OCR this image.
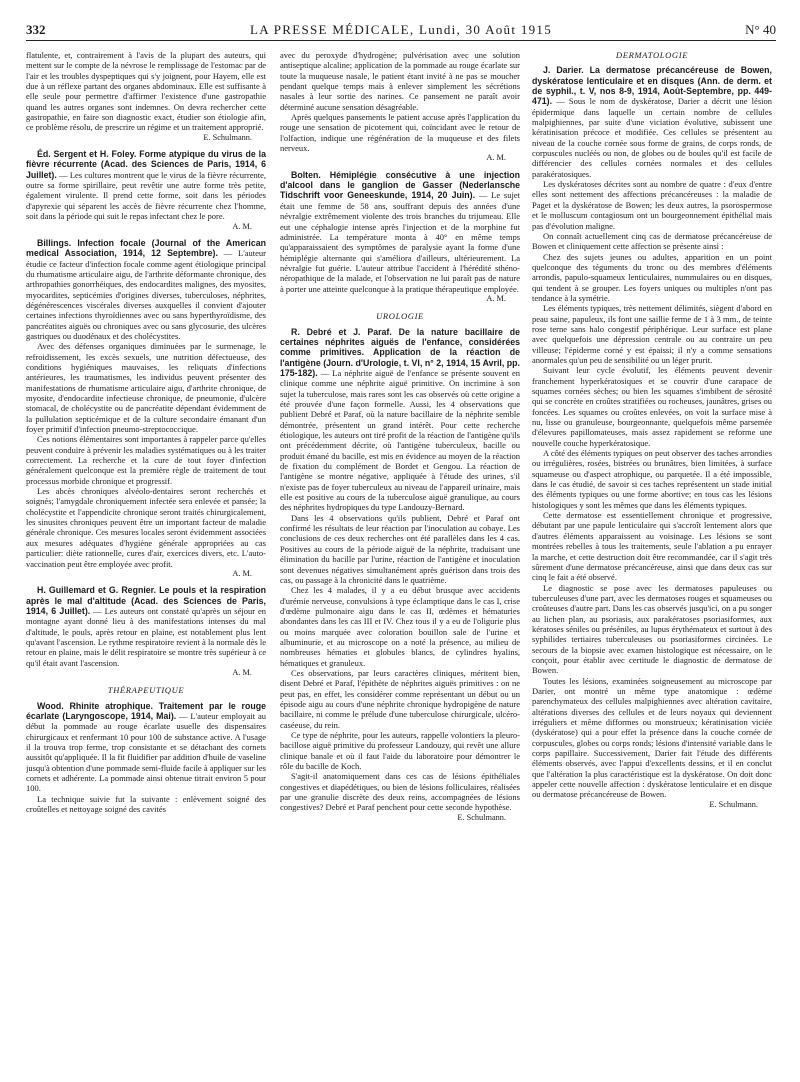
332	LA PRESSE MÉDICALE, Lundi, 30 Août 1915	N° 40

flatulente, et, contrairement à l'avis de la plupart des auteurs, qui mettent sur le compte de la névrose le remplissage de l'estomac par de l'air et les troubles dyspeptiques qui s'y joignent, pour Hayem, elle est due à un réflexe partant des organes abdominaux. Elle est suffisante à elle seule pour permettre d'affirmer l'existence d'une gastropathie quand les autres organes sont indemnes. On devra rechercher cette gastropathie, en faire son diagnostic exact, étudier son étiologie afin, ce problème résolu, de prescrire un régime et un traitement approprié.

E. Schulmann.

Éd. Sergent et H. Foley. Forme atypique du virus de la fièvre récurrente (Acad. des Sciences de Paris, 1914, 6 Juillet). — Les cultures montrent que le virus de la fièvre récurrente, outre sa forme spirillaire, peut revêtir une autre forme très petite, également virulente. Il prend cette forme, soit dans les périodes d'apyrexie qui séparent les accès de fièvre récurrente chez l'homme, soit dans la période qui suit le repas infectant chez le pore.

A. M.

Billings. Infection focale (Journal of the American medical Association, 1914, 12 Septembre). — L'auteur étudie ce facteur d'infection focale comme agent étiologique principal du rhumatisme articulaire aigu, de l'arthrite déformante chronique, des arthropathies gonorrhéiques, des endocardites malignes, des myosites, myocardites, septicémies d'origines diverses, tuberculoses, néphrites, dégénérescences viscérales diverses auxquelles il convient d'ajouter certaines infections thyroïdiennes avec ou sans hyperthyroïdisme, des pancréatites aiguës ou chroniques avec ou sans glycosurie, des ulcères gastriques ou duodénaux et des cholécystites.

Avec des défenses organiques diminuées par le surmenage, le refroidissement, les excès sexuels, une nutrition défectueuse, des conditions hygiéniques mauvaises, les reliquats d'infections antérieures, les traumatismes, les individus peuvent présenter des manifestations de rhumatisme articulaire aigu, d'arthrite chronique, de myosite, d'endocardite infectieuse chronique, de pneumonie, d'ulcère stomacal, de cholécystite ou de pancréatite dépendant évidemment de la pullulation septicémique et de la culture secondaire émanant d'un foyer primitif d'infection pneumo-streptococcique.

Ces notions élémentaires sont importantes à rappeler parce qu'elles peuvent conduire à prévenir les maladies systématiques ou à les traiter correctement. La recherche et la cure de tout foyer d'infection généralement quelconque est la première règle de traitement de tout processus morbide chronique et progressif.

Les abcès chroniques alvéolo-dentaires seront recherchés et soignés; l'amygdale chroniquement infectée sera enlevée et pansée; la cholécystite et l'appendicite chronique seront traités chirurgicalement, les sinusites chroniques peuvent être un important facteur de maladie générale chronique. Ces mesures locales seront évidemment associées aux mesures adéquates d'hygiène générale appropriées au cas particulier: diète rationnelle, cures d'air, exercices divers, etc. L'auto-vaccination peut être employée avec profit.

A. M.

H. Guillemard et G. Regnier. Le pouls et la respiration après le mal d'altitude (Acad. des Sciences de Paris, 1914, 6 Juillet). — Les auteurs ont constaté qu'après un séjour en montagne ayant donné lieu à des manifestations intenses du mal d'altitude, le pouls, après retour en plaine, est notablement plus lent qu'avant l'ascension. Le rythme respiratoire revient à la normale dès le retour en plaine, mais le délit respiratoire se montre très supérieur à ce qu'il était avant l'ascension.

A. M.

THÉRAPEUTIQUE

Wood. Rhinite atrophique. Traitement par le rouge écarlate (Laryngoscope, 1914, Mai). — L'auteur employait au début la pommade au rouge écarlate usuelle des dispensaires chirurgicaux et renfermant 10 pour 100 de substance active. A l'usage il la trouva trop ferme, trop consistante et se détachant des cornets aussitôt qu'appliquée. Il la fit fluidifier par addition d'huile de vaseline jusqu'à obtention d'une pommade semi-fluide facile à appliquer sur les cornets et adhérente. La pommade ainsi obtenue titrait environ 5 pour 100.

La technique suivie fut la suivante : enlèvement soigné des croûtelles et nettoyage soigné des cavités

avec du peroxyde d'hydrogène; pulvérisation avec une solution antiseptique alcaline; application de la pommade au rouge écarlate sur toute la muqueuse nasale, le patient étant invité à ne pas se moucher pendant quelque temps mais à enlever simplement les sécrétions nasales à leur sortie des narines. Ce pansement ne paraît avoir déterminé aucune sensation désagréable.

Après quelques pansements le patient accuse après l'application du rouge une sensation de picotement qui, coïncidant avec le retour de l'olfaction, indique une régénération de la muqueuse et des filets nerveux.

A. M.

Bolten. Hémiplégie consécutive à une injection d'alcool dans le ganglion de Gasser (Nederlansche Tidschrift voor Geneeskunde, 1914, 20 Juin). — Le sujet était une femme de 58 ans, souffrant depuis des années d'une névralgie extrêmement violente des trois branches du trijumeau. Elle eut une céphalogie intense après l'injection et de la morphine fut administrée. La température monta à 40° en même temps qu'apparaissaient des symptômes de paralysie ayant la forme d'une hémiplégie alternante qui s'améliora d'ailleurs, ultérieurement. La névralgie fut guérie. L'auteur attribue l'accident à l'hérédité sthéno-néropathique de la malade, et l'observation ne lui paraît pas de nature à porter une atteinte quelconque à la pratique thérapeutique employée.

A. M.

UROLOGIE

R. Debré et J. Paraf. De la nature bacillaire de certaines néphrites aiguës de l'enfance, considérées comme primitives. Application de la réaction de l'antigène (Journ. d'Urologie, t. VI, n° 2, 1914, 15 Avril, pp. 175-182). — La néphrite aiguë de l'enfance se présente souvent en clinique comme une néphrite aiguë primitive. On incrimine à son sujet la tuberculose, mais rares sont les cas observés où cette origine a été prouvée d'une façon formelle. Aussi, les 4 observations que publient Debré et Paraf, où la nature bacillaire de la néphrite semble démontrée, présentent un grand intérêt. Pour cette recherche étiologique, les auteurs ont tiré profit de la réaction de l'antigène qu'ils ont précédemment décrite, où l'antigène tuberculeux, bacille ou produit émané du bacille, est mis en évidence au moyen de la réaction de fixation du complément de Bordet et Gengou. La réaction de l'antigène se montre négative, appliquée à l'étude des urines, s'il n'existe pas de foyer tuberculeux au niveau de l'appareil urinaire, mais elle est positive au cours de la tuberculose aiguë granulique, au cours des néphrites hydropiques du type Landouzy-Bernard.

Dans les 4 observations qu'ils publient, Debré et Paraf ont confirmé les résultats de leur réaction par l'inoculation au cobaye. Les conclusions de ces deux recherches ont été parallèles dans les 4 cas. Positives au cours de la période aiguë de la néphrite, traduisant une élimination du bacille par l'urine, réaction de l'antigène et inoculation sont devenues négatives simultanément après guérison dans trois des cas, ou passage à la chronicité dans le quatrième.

Chez les 4 malades, il y a eu début brusque avec accidents d'urémie nerveuse, convulsions à type éclamptique dans le cas I, crise d'œdème pulmonaire aigu dans le cas II, œdèmes et hématuries abondantes dans les cas III et IV. Chez tous il y a eu de l'oligurie plus ou moins marquée avec coloration bouillon sale de l'urine et albuminurie, et au microscope on a noté la présence, au milieu de nombreuses hématies et globules blancs, de cylindres hyalins, hématiques et granuleux.

Ces observations, par leurs caractères cliniques, méritent bien, disent Debré et Paraf, l'épithète de néphrites aiguës primitives : on ne peut pas, en effet, les considérer comme représentant un début ou un épisode aigu au cours d'une néphrite chronique hydropigène de nature bacillaire, ni comme le prélude d'une tuberculose chirurgicale, ulcéro-caséeuse, du rein.

Ce type de néphrite, pour les auteurs, rappelle volontiers la pleuro-bacillose aiguë primitive du professeur Landouzy, qui revêt une allure clinique banale et où il faut l'aide du laboratoire pour démontrer le rôle du bacille de Koch.

S'agit-il anatomiquement dans ces cas de lésions épithéliales congestives et diapédétiques, ou bien de lésions folliculaires, réalisées par une granulie discrète des deux reins, accompagnées de lésions congestives? Debré et Paraf penchent pour cette seconde hypothèse.

E. Schulmann.

DERMATOLOGIE

J. Darier. La dermatose précancéreuse de Bowen, dyskératose lenticulaire et en disques (Ann. de derm. et de syphil., t. V, nos 8-9, 1914, Août-Septembre, pp. 449-471). — Sous le nom de dyskératose, Darier a décrit une lésion épidermique dans laquelle un certain nombre de cellules malpighiennes, par suite d'une viciation évolutive, subissent une kératinisation précoce et modifiée. Ces cellules se présentent au niveau de la couche cornée sous forme de grains, de corps ronds, de corpuscules nucléés ou non, de globes ou de boules qu'il est facile de différencier des cellules cornées normales et des cellules parakératosiques.

Les dyskératoses décrites sont au nombre de quatre : d'eux d'entre elles sont nettement des affections précancéreuses : la maladie de Paget et la dyskératose de Bowen; les deux autres, la psorospermose et le molluscum contagiosum ont un bourgeonnement épithélial mais pas d'évolution maligne.

On connaît actuellement cinq cas de dermatose précancéreuse de Bowen et cliniquement cette affection se présente ainsi :

Chez des sujets jeunes ou adultes, apparition en un point quelconque des téguments du tronc ou des membres d'éléments arrondis, papulo-squameux lenticulaires, nummulaires ou en disques, qui tendent à se grouper. Les foyers uniques ou multiples n'ont pas tendance à la symétrie.

Les éléments typiques, très nettement délimités, siègent d'abord en peau saine, papuleux, ils font une saillie ferme de 1 à 3 mm., de teinte rose terne sans halo congestif périphérique. Leur surface est plane avec quelquefois une dépression centrale ou au contraire un peu villeuse; l'épiderme corné y est épaissi; il n'y a comme sensations anormales qu'un peu de sensibilité ou un léger prurit.

Suivant leur cycle évolutif, les éléments peuvent devenir franchement hyperkératosiques et se couvrir d'une carapace de squames cornées sèches; ou bien les squames s'imbibent de sérosité qui se concrète en croûtes stratifiées ou rocheuses, jaunâtres, grises ou foncées. Les squames ou croûtes enlevées, on voit la surface mise à nu, lisse ou granuleuse, bourgeonnante, quelquefois même parsemée d'élevures papillomateuses, mais assez rapidement se reforme une nouvelle couche hyperkératosique.

A côté des éléments typiques on peut observer des taches arrondies ou irrégulières, rosées, bistrées ou brunâtres, bien limitées, à surface squameuse ou d'aspect atrophique, ou parquetée. Il a été impossible, dans le cas étudié, de savoir si ces taches représentent un stade initial des éléments typiques ou une forme abortive; en tous cas les lésions histologiques y sont les mêmes que dans les éléments typiques.

Cette dermatose est essentiellement chronique et progressive, débutant par une papule lenticulaire qui s'accroît lentement alors que d'autres éléments apparaissent au voisinage. Les lésions se sont montrées rebelles à tous les traitements, seule l'ablation a pu enrayer la marche, et cette destruction doit être recommandée, car il s'agit très sûrement d'une dermatose précancéreuse, ainsi que dans deux cas sur cinq le fait a été observé.

Le diagnostic se pose avec les dermatoses papuleuses ou tuberculeuses d'une part, avec les dermatoses rouges et squameuses ou croûteuses d'autre part. Dans les cas observés jusqu'ici, on a pu songer au lichen plan, au psoriasis, aux parakératoses psoriasiformes, aux kératoses séniles ou préséniles, au lupus érythémateux et surtout à des syphilides tertiaires tuberculeuses ou psoriasiformes circinées. Le secours de la biopsie avec examen histologique est nécessaire, on le conçoit, pour établir avec certitude le diagnostic de dermatose de Bowen.

Toutes les lésions, examinées soigneusement au microscope par Darier, ont montré un même type anatomique : œdème parenchymateux des cellules malpighiennes avec altération cavitaire, altérations diverses des cellules et de leurs noyaux qui deviennent irréguliers et même difformes ou monstrueux; kératinisation viciée (dyskératose) qui a pour effet la présence dans la couche cornée de corpuscules, globes ou corps ronds; lésions d'intensité variable dans le corps papillaire. Successivement, Darier fait l'étude des différents éléments observés, avec l'appui d'excellents dessins, et il en conclut que l'altération la plus caractéristique est la dyskératose. On doit donc appeler cette nouvelle affection : dyskératose lenticulaire et en disque ou dermatose précancéreuse de Bowen.

E. Schulmann.
